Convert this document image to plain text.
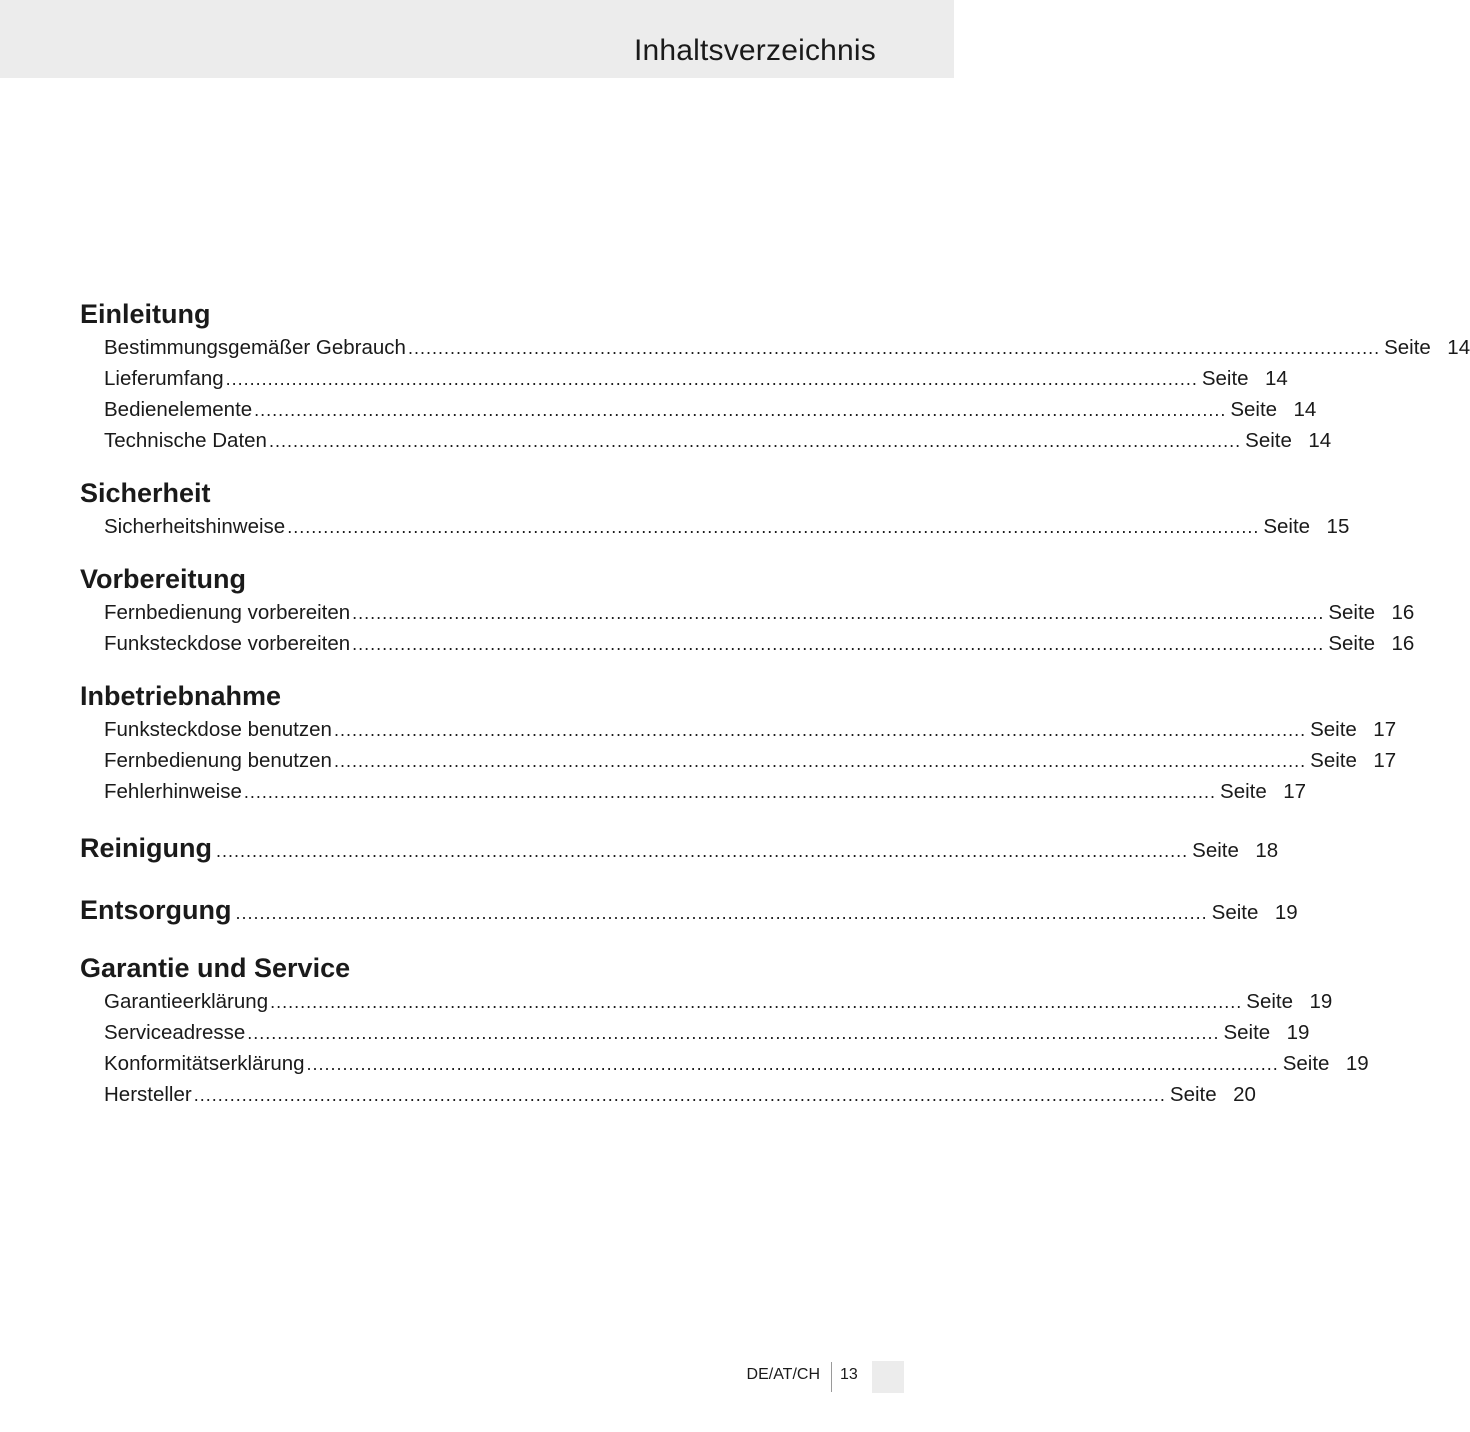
Inhaltsverzeichnis
Einleitung
Bestimmungsgemäßer Gebrauch .................................................................................................................................................................. Seite 14
Lieferumfang .................................................................................................................................................................. Seite 14
Bedienelemente .................................................................................................................................................................. Seite 14
Technische Daten .................................................................................................................................................................. Seite 14
Sicherheit
Sicherheitshinweise .................................................................................................................................................................. Seite 15
Vorbereitung
Fernbedienung vorbereiten .................................................................................................................................................................. Seite 16
Funksteckdose vorbereiten .................................................................................................................................................................. Seite 16
Inbetriebnahme
Funksteckdose benutzen .................................................................................................................................................................. Seite 17
Fernbedienung benutzen .................................................................................................................................................................. Seite 17
Fehlerhinweise .................................................................................................................................................................. Seite 17
Reinigung .................................................................................................................................................................. Seite 18
Entsorgung .................................................................................................................................................................. Seite 19
Garantie und Service
Garantieerklärung .................................................................................................................................................................. Seite 19
Serviceadresse .................................................................................................................................................................. Seite 19
Konformitätserklärung .................................................................................................................................................................. Seite 19
Hersteller .................................................................................................................................................................. Seite 20
DE/AT/CH 13
